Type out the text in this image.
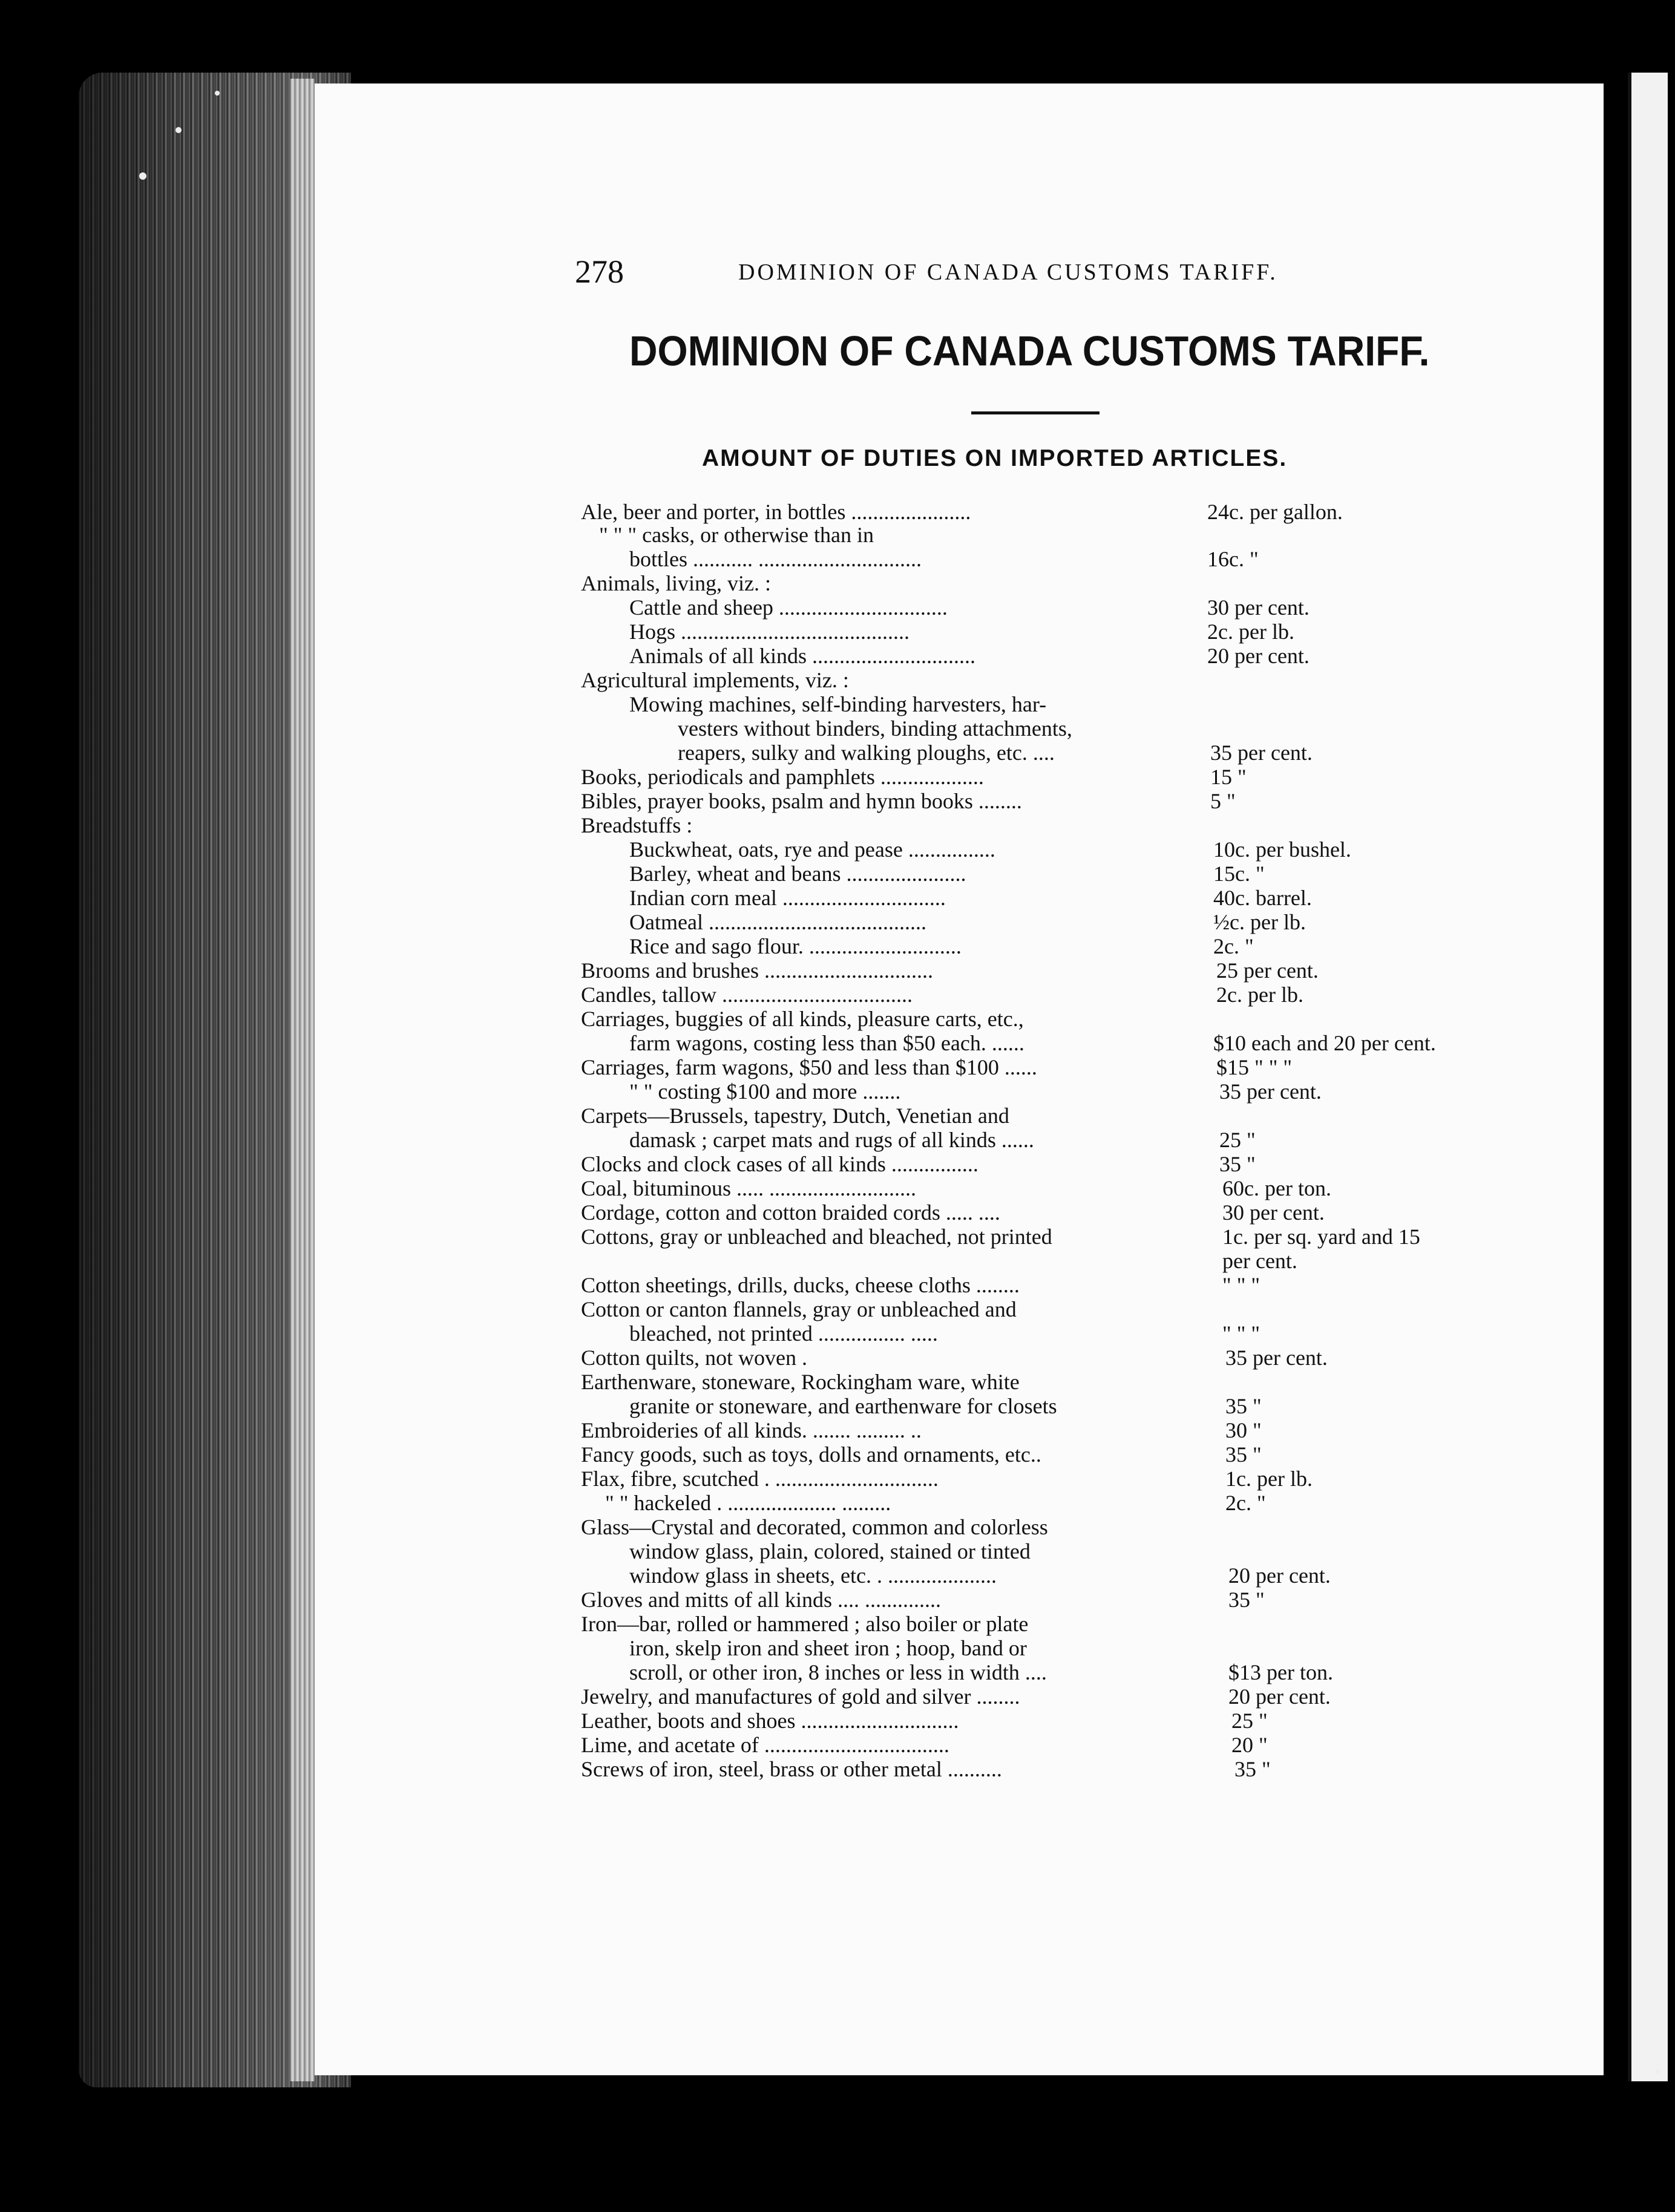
278	DOMINION OF CANADA CUSTOMS TARIFF.
DOMINION OF CANADA CUSTOMS TARIFF.
AMOUNT OF DUTIES ON IMPORTED ARTICLES.
Ale, beer and porter, in bottles ......................	24c. per gallon.
" " " casks, or otherwise than in
bottles ........... ..............................	16c. "
Animals, living, viz. :
Cattle and sheep ...............................	30 per cent.
Hogs ..........................................	2c. per lb.
Animals of all kinds ..............................	20 per cent.
Agricultural implements, viz. :
Mowing machines, self-binding harvesters, har-
vesters without binders, binding attachments,
reapers, sulky and walking ploughs, etc. ....	35 per cent.
Books, periodicals and pamphlets ...................	15 "
Bibles, prayer books, psalm and hymn books ........	5 "
Breadstuffs :
Buckwheat, oats, rye and pease ................	10c. per bushel.
Barley, wheat and beans ......................	15c. "
Indian corn meal ..............................	40c. barrel.
Oatmeal ........................................	½c. per lb.
Rice and sago flour. ............................	2c. "
Brooms and brushes ...............................	25 per cent.
Candles, tallow ...................................	2c. per lb.
Carriages, buggies of all kinds, pleasure carts, etc.,
farm wagons, costing less than $50 each. ......	$10 each and 20 per cent.
Carriages, farm wagons, $50 and less than $100 ......	$15 " " "
" " costing $100 and more .......	35 per cent.
Carpets—Brussels, tapestry, Dutch, Venetian and
damask ; carpet mats and rugs of all kinds ......	25 "
Clocks and clock cases of all kinds ................	35 "
Coal, bituminous ..... ...........................	60c. per ton.
Cordage, cotton and cotton braided cords ..... ....	30 per cent.
Cottons, gray or unbleached and bleached, not printed	1c. per sq. yard and 15
per cent.
Cotton sheetings, drills, ducks, cheese cloths ........	" " "
Cotton or canton flannels, gray or unbleached and
bleached, not printed ................ .....	" " "
Cotton quilts, not woven .	35 per cent.
Earthenware, stoneware, Rockingham ware, white
granite or stoneware, and earthenware for closets	35 "
Embroideries of all kinds. ....... ......... ..	30 "
Fancy goods, such as toys, dolls and ornaments, etc..	35 "
Flax, fibre, scutched . ..............................	1c. per lb.
" " hackeled . .................... .........	2c. "
Glass—Crystal and decorated, common and colorless
window glass, plain, colored, stained or tinted
window glass in sheets, etc. . ....................	20 per cent.
Gloves and mitts of all kinds .... ..............	35 "
Iron—bar, rolled or hammered ; also boiler or plate
iron, skelp iron and sheet iron ; hoop, band or
scroll, or other iron, 8 inches or less in width ....	$13 per ton.
Jewelry, and manufactures of gold and silver ........	20 per cent.
Leather, boots and shoes .............................	25 "
Lime, and acetate of ..................................	20 "
Screws of iron, steel, brass or other metal ..........	35 "
